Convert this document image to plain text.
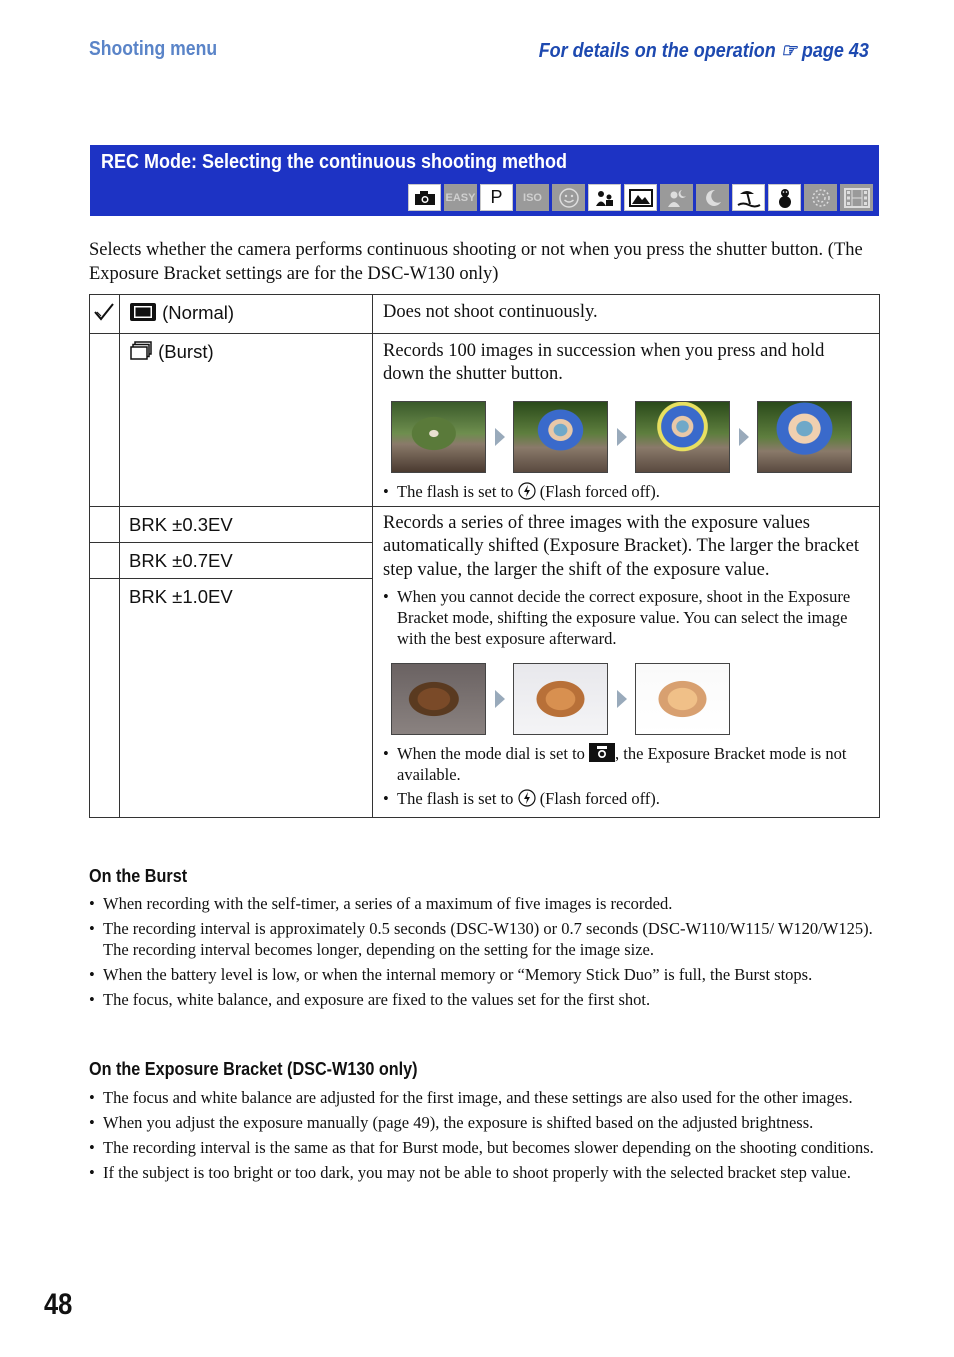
Shooting menu	For details on the operation ☞ page 43
REC Mode: Selecting the continuous shooting method
EASY P ISO
Selects whether the camera performs continuous shooting or not when you press the shutter button. (The Exposure Bracket settings are for the DSC-W130 only)

(Normal)	Does not shoot continuously.

	(Burst)	Records 100 images in succession when you press and hold down the shutter button.

•  The flash is set to (Flash forced off).

	BRK ±0.3EV	Records a series of three images with the exposure values automatically shifted (Exposure Bracket). The larger the bracket step value, the larger the shift of the exposure value.

•  When you cannot decide the correct exposure, shoot in the Exposure Bracket mode, shifting the exposure value. You can select the image with the best exposure afterward.

•  When the mode dial is set to , the Exposure Bracket mode is not available.

•  The flash is set to (Flash forced off).

	BRK ±0.7EV	

	BRK ±1.0EV	
On the Burst
•  When recording with the self-timer, a series of a maximum of five images is recorded.
•  The recording interval is approximately 0.5 seconds (DSC-W130) or 0.7 seconds (DSC-W110/W115/ W120/W125). The recording interval becomes longer, depending on the setting for the image size.
•  When the battery level is low, or when the internal memory or “Memory Stick Duo” is full, the Burst stops.
•  The focus, white balance, and exposure are fixed to the values set for the first shot.
On the Exposure Bracket (DSC-W130 only)
•  The focus and white balance are adjusted for the first image, and these settings are also used for the other images.
•  When you adjust the exposure manually (page 49), the exposure is shifted based on the adjusted brightness.
•  The recording interval is the same as that for Burst mode, but becomes slower depending on the shooting conditions.
•  If the subject is too bright or too dark, you may not be able to shoot properly with the selected bracket step value.
48
